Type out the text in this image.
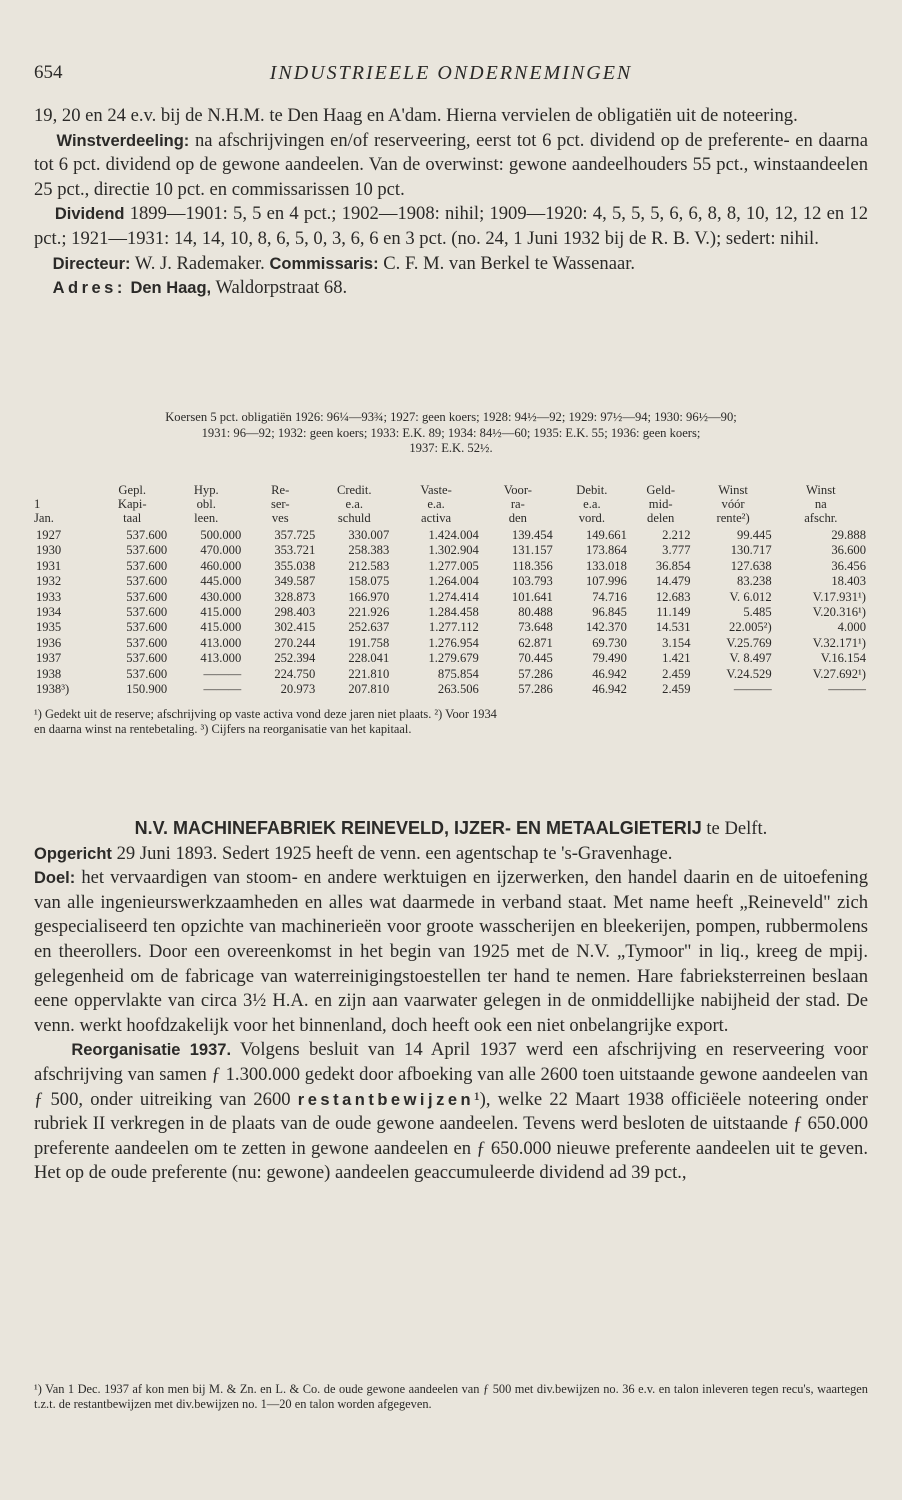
654	INDUSTRIEELE ONDERNEMINGEN

19, 20 en 24 e.v. bij de N.H.M. te Den Haag en A'dam. Hierna vervielen de obligatiën uit de noteering.

Winstverdeeling: na afschrijvingen en/of reserveering, eerst tot 6 pct. dividend op de preferente- en daarna tot 6 pct. dividend op de gewone aandeelen. Van de overwinst: gewone aandeelhouders 55 pct., winstaandeelen 25 pct., directie 10 pct. en commissarissen 10 pct.

Dividend 1899—1901: 5, 5 en 4 pct.; 1902—1908: nihil; 1909—1920: 4, 5, 5, 5, 6, 6, 8, 8, 10, 12, 12 en 12 pct.; 1921—1931: 14, 14, 10, 8, 6, 5, 0, 3, 6, 6 en 3 pct. (no. 24, 1 Juni 1932 bij de R. B. V.); sedert: nihil.

Directeur: W. J. Rademaker. Commissaris: C. F. M. van Berkel te Wassenaar.

Adres: Den Haag, Waldorpstraat 68.

Koersen 5 pct. obligatiën 1926: 96¼—93¾; 1927: geen koers; 1928: 94½—92; 1929: 97½—94; 1930: 96½—90;

1931: 96—92; 1932: geen koers; 1933: E.K. 89; 1934: 84½—60; 1935: E.K. 55; 1936: geen koers;

1937: E.K. 52½.

	Gepl.	Hyp.	Re-	Credit.	Vaste-	Voor-	Debit.	Geld-	Winst	Winst
1	Kapi-	obl.	ser-	e.a.	e.a.	ra-	e.a.	mid-	vóór	na
Jan.	taal	leen.	ves	schuld	activa	den	vord.	delen	rente²)	afschr.
1927	537.600	500.000	357.725	330.007	1.424.004	139.454	149.661	2.212	99.445	29.888
1930	537.600	470.000	353.721	258.383	1.302.904	131.157	173.864	3.777	130.717	36.600
1931	537.600	460.000	355.038	212.583	1.277.005	118.356	133.018	36.854	127.638	36.456
1932	537.600	445.000	349.587	158.075	1.264.004	103.793	107.996	14.479	83.238	18.403
1933	537.600	430.000	328.873	166.970	1.274.414	101.641	74.716	12.683	V. 6.012	V.17.931¹)
1934	537.600	415.000	298.403	221.926	1.284.458	80.488	96.845	11.149	5.485	V.20.316¹)
1935	537.600	415.000	302.415	252.637	1.277.112	73.648	142.370	14.531	22.005²)	4.000
1936	537.600	413.000	270.244	191.758	1.276.954	62.871	69.730	3.154	V.25.769	V.32.171¹)
1937	537.600	413.000	252.394	228.041	1.279.679	70.445	79.490	1.421	V. 8.497	V.16.154
1938	537.600	———	224.750	221.810	875.854	57.286	46.942	2.459	V.24.529	V.27.692¹)
1938³)	150.900	———	20.973	207.810	263.506	57.286	46.942	2.459	———	———

¹) Gedekt uit de reserve; afschrijving op vaste activa vond deze jaren niet plaats. ²) Voor 1934

en daarna winst na rentebetaling. ³) Cijfers na reorganisatie van het kapitaal.

N.V. MACHINEFABRIEK REINEVELD, IJZER- EN METAALGIETERIJ te Delft.

Opgericht 29 Juni 1893. Sedert 1925 heeft de venn. een agentschap te 's-Gravenhage.

Doel: het vervaardigen van stoom- en andere werktuigen en ijzerwerken, den handel daarin en de uitoefening van alle ingenieurswerkzaamheden en alles wat daarmede in verband staat. Met name heeft „Reineveld" zich gespecialiseerd ten opzichte van machinerieën voor groote wasscherijen en bleekerijen, pompen, rubbermolens en theerollers. Door een overeenkomst in het begin van 1925 met de N.V. „Tymoor" in liq., kreeg de mpij. gelegenheid om de fabricage van waterreinigingstoestellen ter hand te nemen. Hare fabrieksterreinen beslaan eene oppervlakte van circa 3½ H.A. en zijn aan vaarwater gelegen in de onmiddellijke nabijheid der stad. De venn. werkt hoofdzakelijk voor het binnenland, doch heeft ook een niet onbelangrijke export.

Reorganisatie 1937. Volgens besluit van 14 April 1937 werd een afschrijving en reserveering voor afschrijving van samen ƒ 1.300.000 gedekt door afboeking van alle 2600 toen uitstaande gewone aandeelen van ƒ 500, onder uitreiking van 2600 restantbewijzen¹), welke 22 Maart 1938 officiëele noteering onder rubriek II verkregen in de plaats van de oude gewone aandeelen. Tevens werd besloten de uitstaande ƒ 650.000 preferente aandeelen om te zetten in gewone aandeelen en ƒ 650.000 nieuwe preferente aandeelen uit te geven. Het op de oude preferente (nu: gewone) aandeelen geaccumuleerde dividend ad 39 pct.,

¹) Van 1 Dec. 1937 af kon men bij M. & Zn. en L. & Co. de oude gewone aandeelen van ƒ 500 met div.bewijzen no. 36 e.v. en talon inleveren tegen recu's, waartegen t.z.t. de restantbewijzen met div.bewijzen no. 1—20 en talon worden afgegeven.
